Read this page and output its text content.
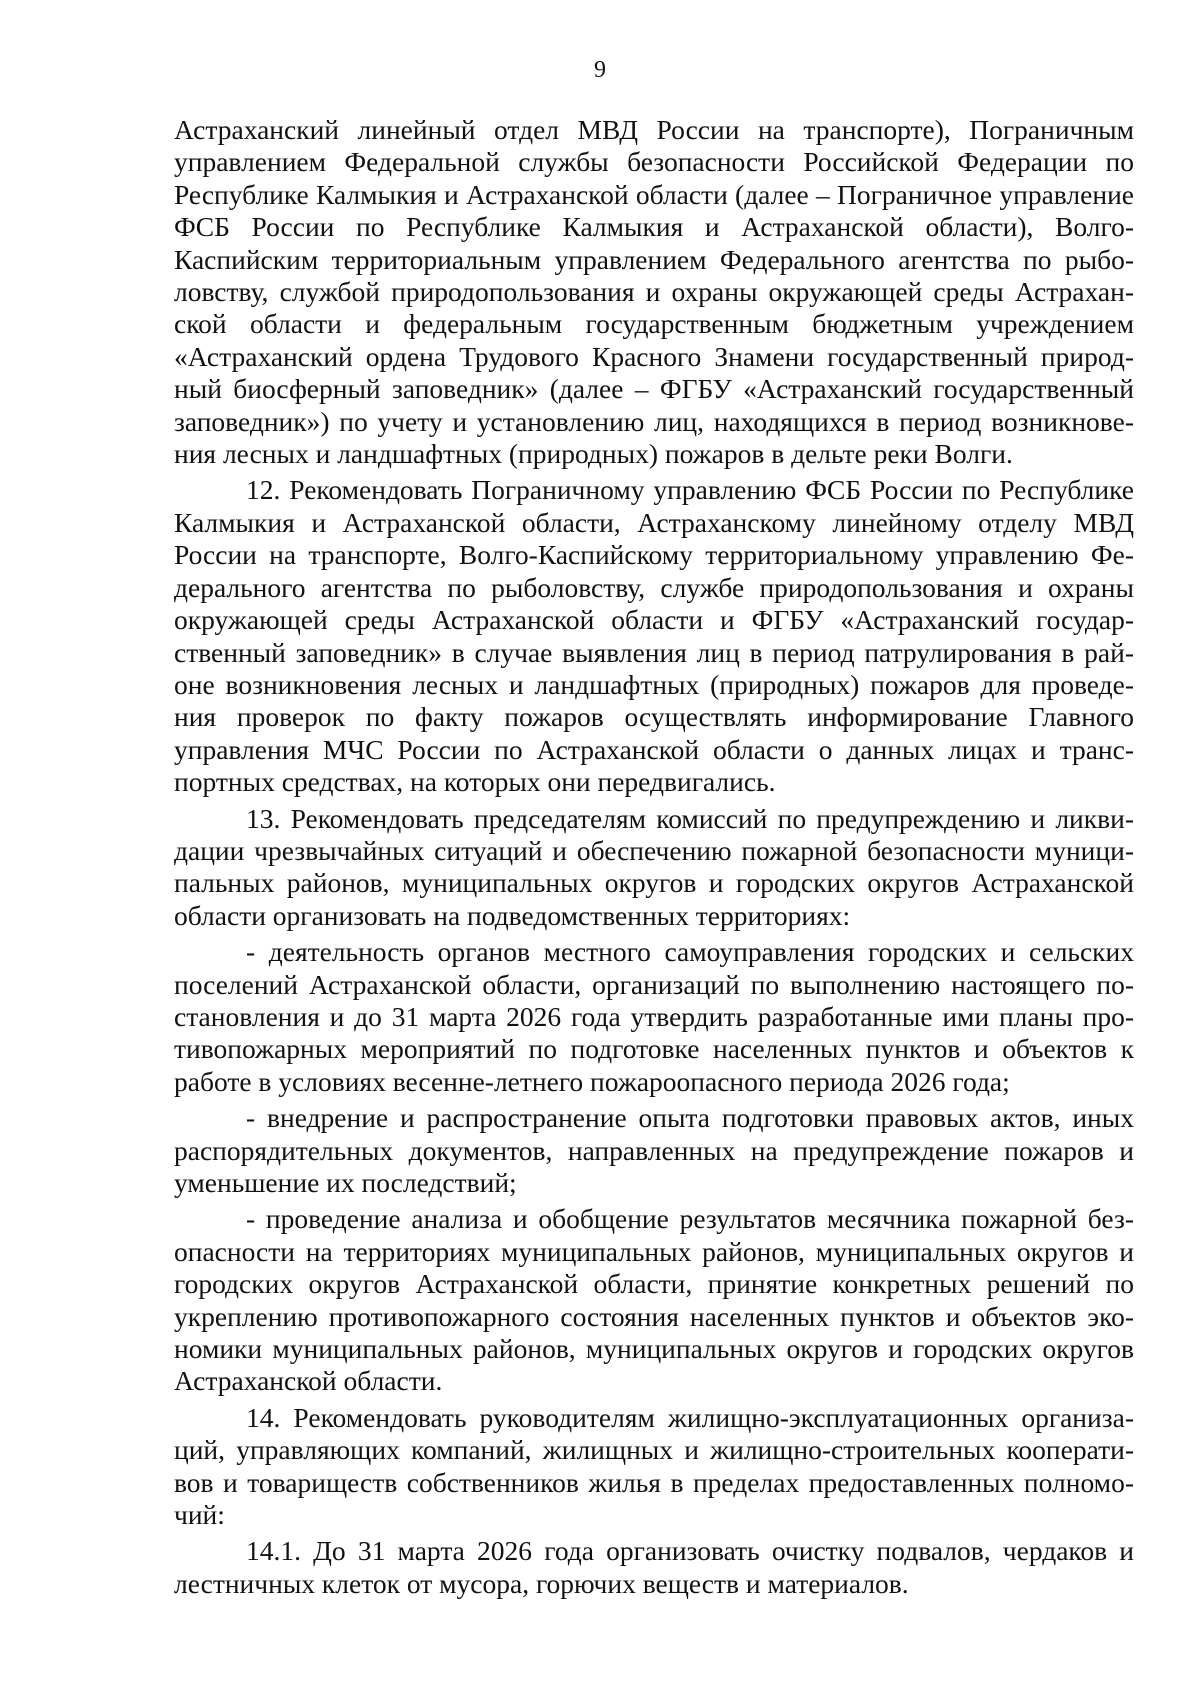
9

Астраханский линейный отдел МВД России на транспорте), Пограничным управлением Федеральной службы безопасности Российской Федерации по Республике Калмыкия и Астраханской области (далее – Пограничное управление ФСБ России по Республике Калмыкия и Астраханской области), Волго-Каспийским территориальным управлением Федерального агентства по рыболовству, службой природопользования и охраны окружающей среды Астраханской области и федеральным государственным бюджетным учреждением «Астраханский ордена Трудового Красного Знамени государственный природный биосферный заповедник» (далее – ФГБУ «Астраханский государственный заповедник») по учету и установлению лиц, находящихся в период возникновения лесных и ландшафтных (природных) пожаров в дельте реки Волги.

12. Рекомендовать Пограничному управлению ФСБ России по Республике Калмыкия и Астраханской области, Астраханскому линейному отделу МВД России на транспорте, Волго-Каспийскому территориальному управлению Федерального агентства по рыболовству, службе природопользования и охраны окружающей среды Астраханской области и ФГБУ «Астраханский государственный заповедник» в случае выявления лиц в период патрулирования в районе возникновения лесных и ландшафтных (природных) пожаров для проведения проверок по факту пожаров осуществлять информирование Главного управления МЧС России по Астраханской области о данных лицах и транспортных средствах, на которых они передвигались.

13. Рекомендовать председателям комиссий по предупреждению и ликвидации чрезвычайных ситуаций и обеспечению пожарной безопасности муниципальных районов, муниципальных округов и городских округов Астраханской области организовать на подведомственных территориях:

- деятельность органов местного самоуправления городских и сельских поселений Астраханской области, организаций по выполнению настоящего постановления и до 31 марта 2026 года утвердить разработанные ими планы противопожарных мероприятий по подготовке населенных пунктов и объектов к работе в условиях весенне-летнего пожароопасного периода 2026 года;

- внедрение и распространение опыта подготовки правовых актов, иных распорядительных документов, направленных на предупреждение пожаров и уменьшение их последствий;

- проведение анализа и обобщение результатов месячника пожарной безопасности на территориях муниципальных районов, муниципальных округов и городских округов Астраханской области, принятие конкретных решений по укреплению противопожарного состояния населенных пунктов и объектов экономики муниципальных районов, муниципальных округов и городских округов Астраханской области.

14. Рекомендовать руководителям жилищно-эксплуатационных организаций, управляющих компаний, жилищных и жилищно-строительных кооперативов и товариществ собственников жилья в пределах предоставленных полномочий:

14.1. До 31 марта 2026 года организовать очистку подвалов, чердаков и лестничных клеток от мусора, горючих веществ и материалов.
